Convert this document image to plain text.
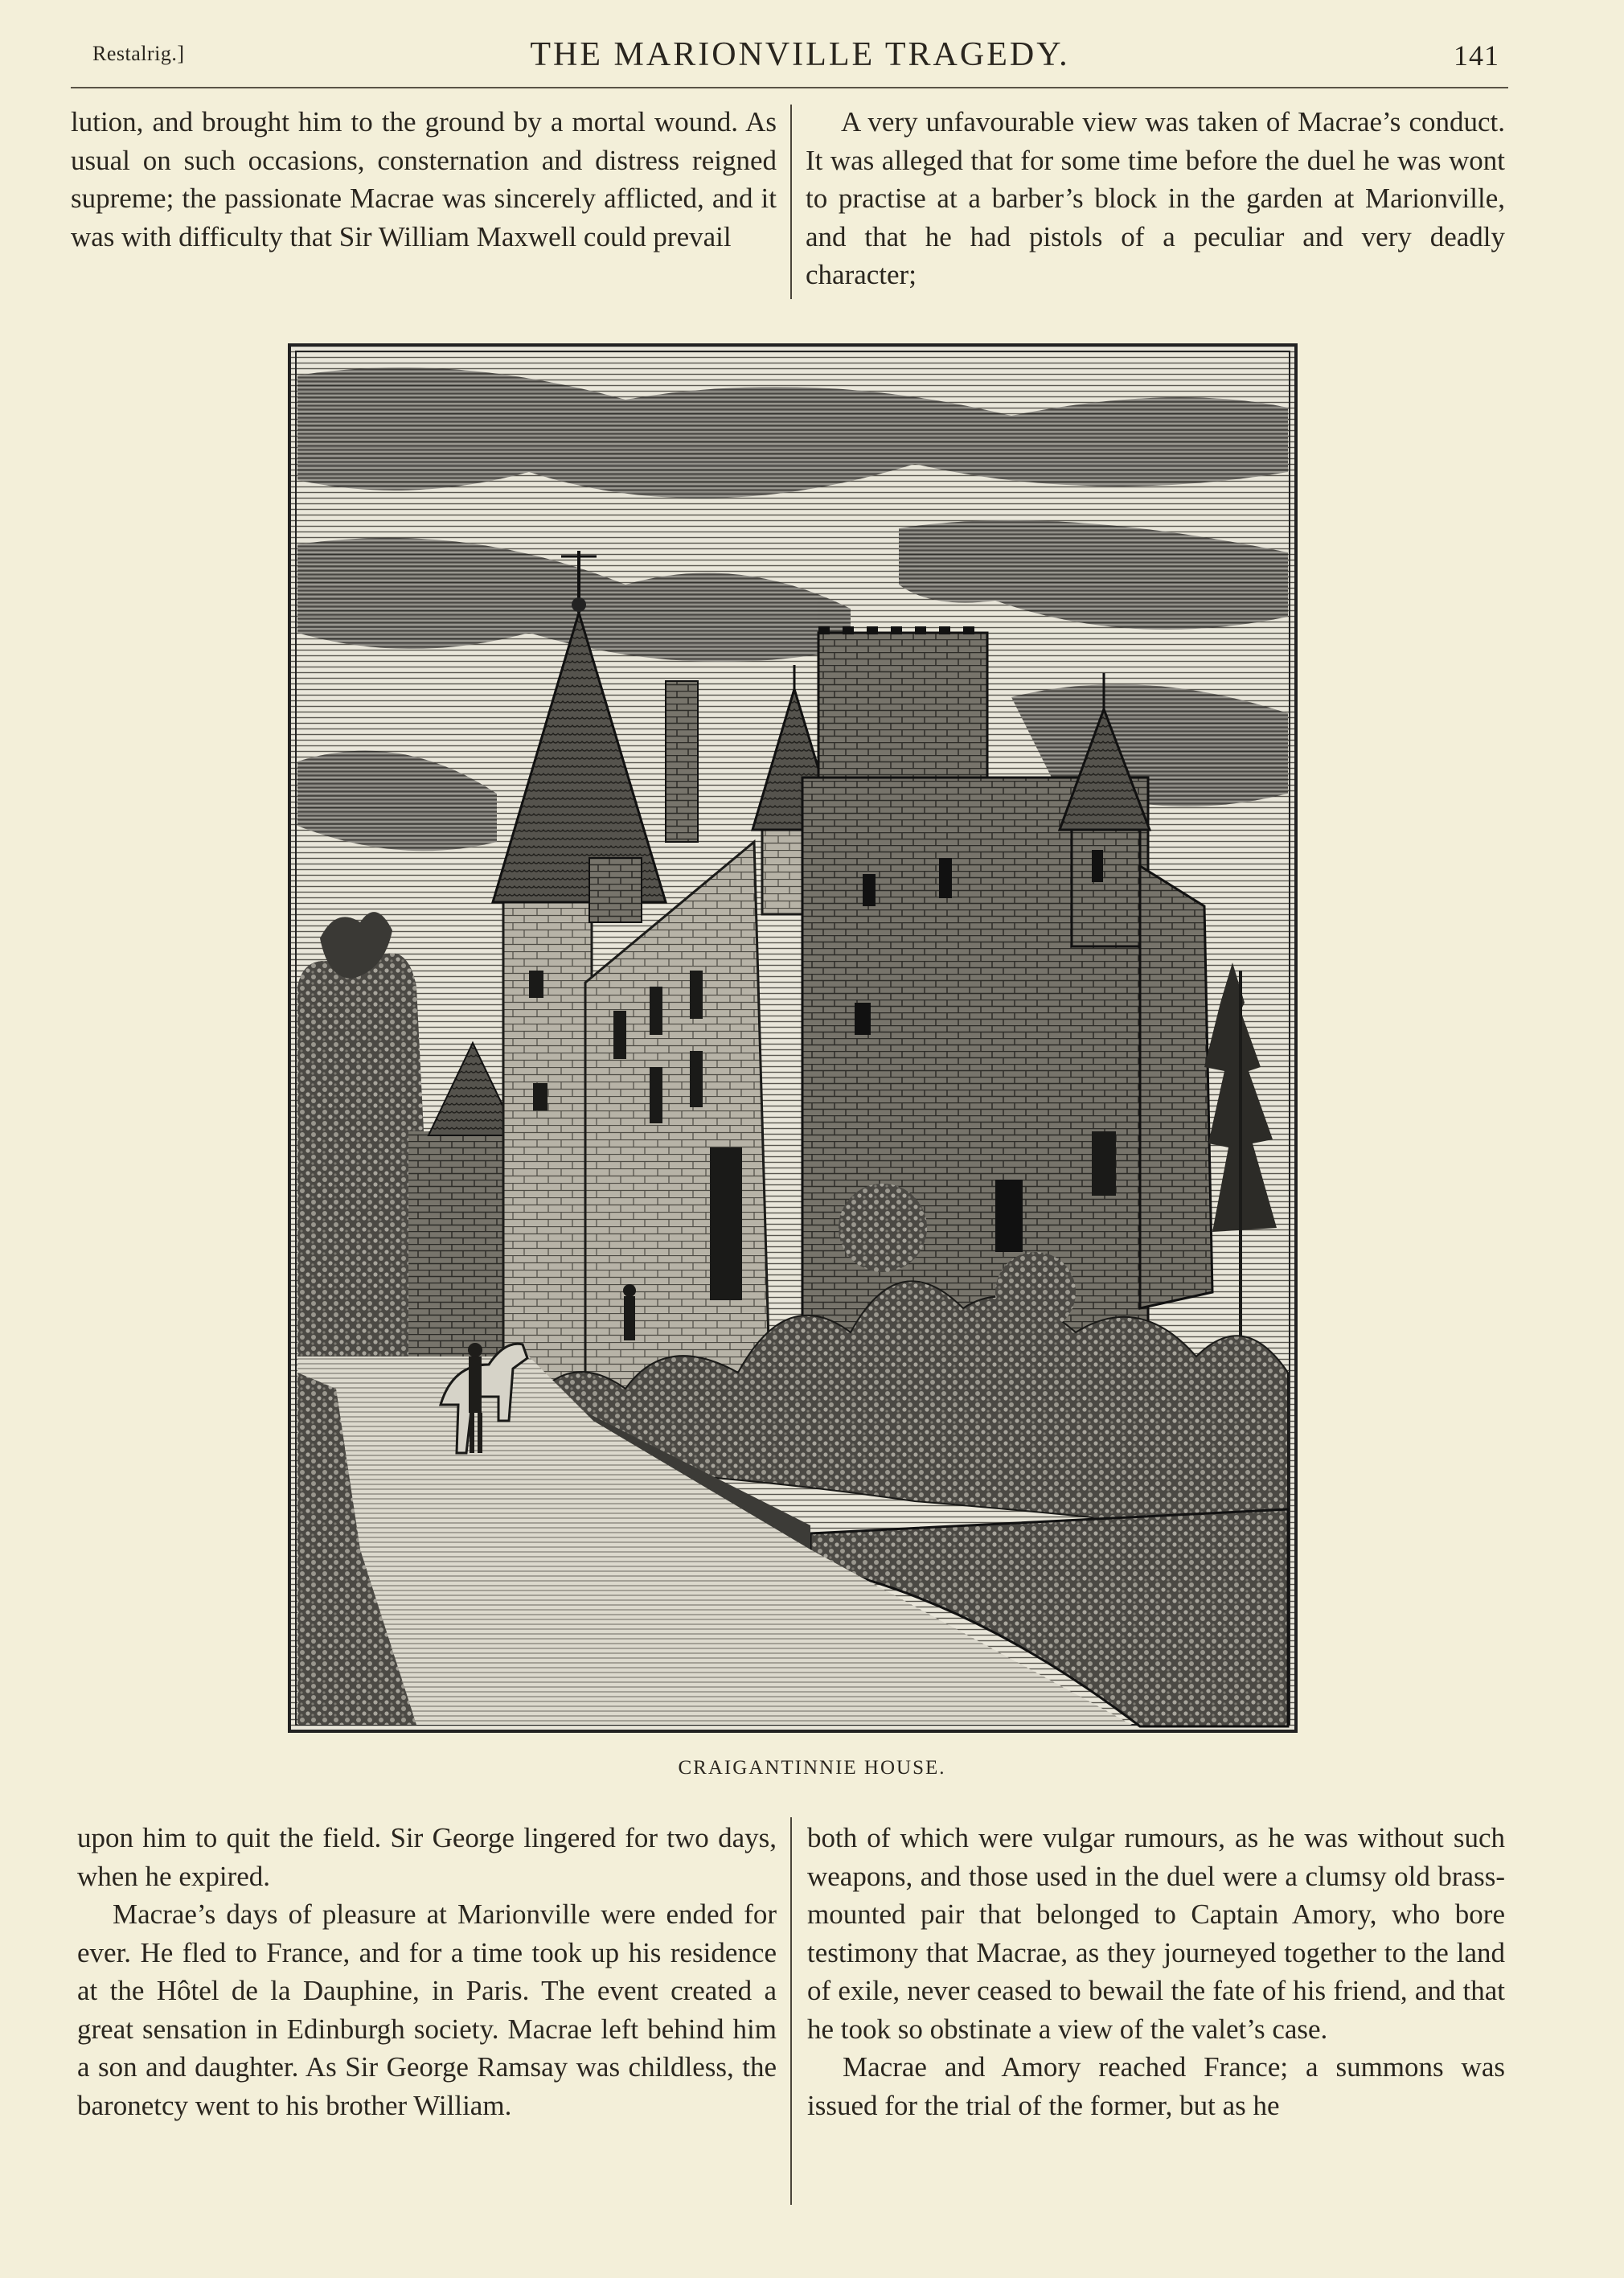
Restalrig.]	THE MARIONVILLE TRAGEDY.	141

lution, and brought him to the ground by a mortal wound. As usual on such occasions, consternation and distress reigned supreme; the passionate Macrae was sincerely afflicted, and it was with difficulty that Sir William Maxwell could prevail

A very unfavourable view was taken of Macrae’s conduct. It was alleged that for some time before the duel he was wont to practise at a barber’s block in the garden at Marionville, and that he had pistols of a peculiar and very deadly character;

CRAIGANTINNIE HOUSE.

upon him to quit the field. Sir George lingered for two days, when he expired.

Macrae’s days of pleasure at Marionville were ended for ever. He fled to France, and for a time took up his residence at the Hôtel de la Dauphine, in Paris. The event created a great sensation in Edinburgh society. Macrae left behind him a son and daughter. As Sir George Ramsay was childless, the baronetcy went to his brother William.

both of which were vulgar rumours, as he was without such weapons, and those used in the duel were a clumsy old brass-mounted pair that belonged to Captain Amory, who bore testimony that Macrae, as they journeyed together to the land of exile, never ceased to bewail the fate of his friend, and that he took so obstinate a view of the valet’s case.

Macrae and Amory reached France; a summons was issued for the trial of the former, but as he
